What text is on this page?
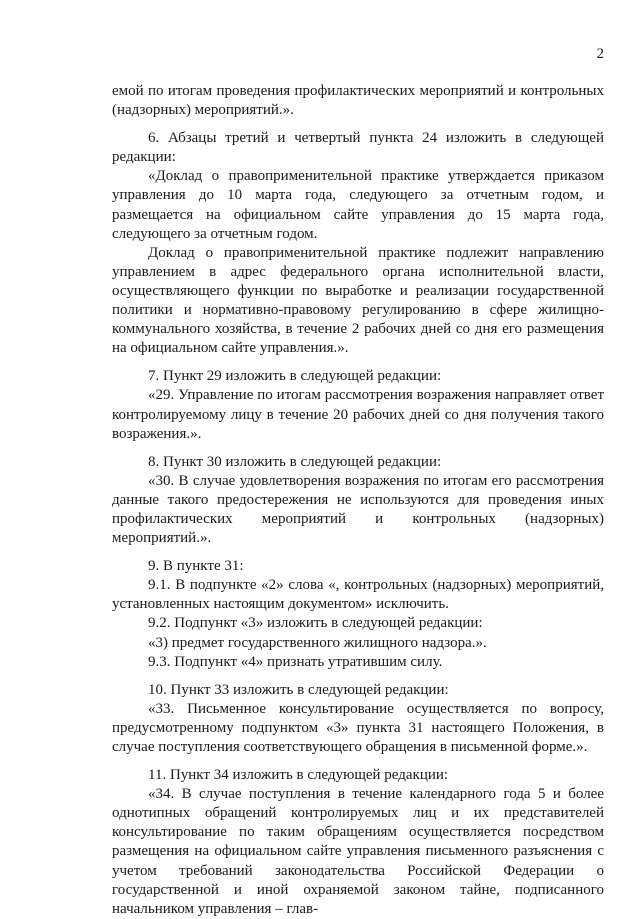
2

емой по итогам проведения профилактических мероприятий и контрольных (надзорных) мероприятий.».

6. Абзацы третий и четвертый пункта 24 изложить в следующей редакции:

«Доклад о правоприменительной практике утверждается приказом управления до 10 марта года, следующего за отчетным годом, и размещается на официальном сайте управления до 15 марта года, следующего за отчетным годом.

Доклад о правоприменительной практике подлежит направлению управлением в адрес федерального органа исполнительной власти, осуществляющего функции по выработке и реализации государственной политики и нормативно-правовому регулированию в сфере жилищно-коммунального хозяйства, в течение 2 рабочих дней со дня его размещения на официальном сайте управления.».

7. Пункт 29 изложить в следующей редакции:

«29. Управление по итогам рассмотрения возражения направляет ответ контролируемому лицу в течение 20 рабочих дней со дня получения такого возражения.».

8. Пункт 30 изложить в следующей редакции:

«30. В случае удовлетворения возражения по итогам его рассмотрения данные такого предостережения не используются для проведения иных профилактических мероприятий и контрольных (надзорных) мероприятий.».

9. В пункте 31:

9.1. В подпункте «2» слова «, контрольных (надзорных) мероприятий, установленных настоящим документом» исключить.

9.2. Подпункт «3» изложить в следующей редакции:

«3) предмет государственного жилищного надзора.».

9.3. Подпункт «4» признать утратившим силу.

10. Пункт 33 изложить в следующей редакции:

«33. Письменное консультирование осуществляется по вопросу, предусмотренному подпунктом «3» пункта 31 настоящего Положения, в случае поступления соответствующего обращения в письменной форме.».

11. Пункт 34 изложить в следующей редакции:

«34. В случае поступления в течение календарного года 5 и более однотипных обращений контролируемых лиц и их представителей консультирование по таким обращениям осуществляется посредством размещения на официальном сайте управления письменного разъяснения с учетом требований законодательства Российской Федерации о государственной и иной охраняемой законом тайне, подписанного начальником управления – глав-
